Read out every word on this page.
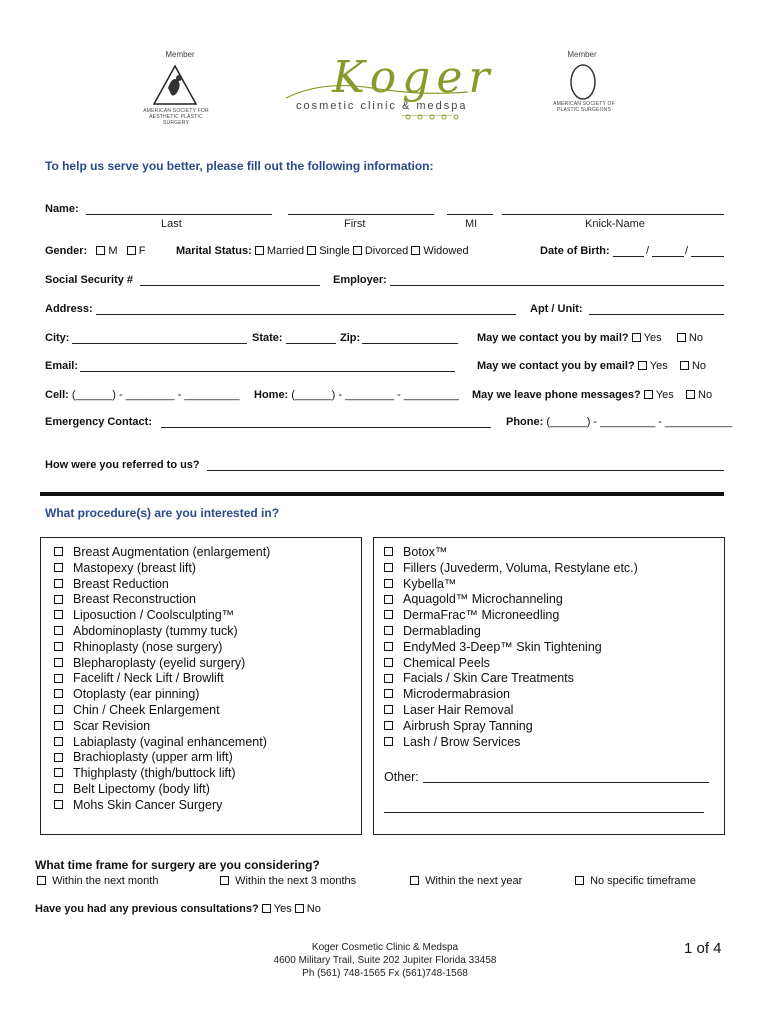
Member
AMERICAN SOCIETY FOR AESTHETIC PLASTIC SURGERY
Koger
cosmetic clinic & medspa
Member
AMERICAN SOCIETY OF PLASTIC SURGEONS
To help us serve you better, please fill out the following information:
Name:
Last	First	MI	Knick-Name
Gender: M F	Marital Status: Married Single Divorced Widowed	Date of Birth:	/	/
Social Security #	Employer:
Address:	Apt / Unit:
City:	State:	Zip:	May we contact you by mail? Yes No
Email:	May we contact you by email? Yes No
Cell: (______) - ________ - _________ Home: (______) - ________ - _________ May we leave phone messages? Yes No
Emergency Contact:	Phone: (______) - _________ - ___________
How were you referred to us?
What procedure(s) are you interested in?
Breast Augmentation (enlargement)
Mastopexy (breast lift)
Breast Reduction
Breast Reconstruction
Liposuction / Coolsculpting™
Abdominoplasty (tummy tuck)
Rhinoplasty (nose surgery)
Blepharoplasty (eyelid surgery)
Facelift / Neck Lift / Browlift
Otoplasty (ear pinning)
Chin / Cheek Enlargement
Scar Revision
Labiaplasty (vaginal enhancement)
Brachioplasty (upper arm lift)
Thighplasty (thigh/buttock lift)
Belt Lipectomy (body lift)
Mohs Skin Cancer Surgery
Botox™
Fillers (Juvederm, Voluma, Restylane etc.)
Kybella™
Aquagold™ Microchanneling
DermaFrac™ Microneedling
Dermablading
EndyMed 3-Deep™ Skin Tightening
Chemical Peels
Facials / Skin Care Treatments
Microdermabrasion
Laser Hair Removal
Airbrush Spray Tanning
Lash / Brow Services
Other:
What time frame for surgery are you considering?
Within the next month	Within the next 3 months	Within the next year	No specific timeframe
Have you had any previous consultations? Yes No
Koger Cosmetic Clinic & Medspa
4600 Military Trail, Suite 202 Jupiter Florida 33458
Ph (561) 748-1565 Fx (561)748-1568
1 of 4
